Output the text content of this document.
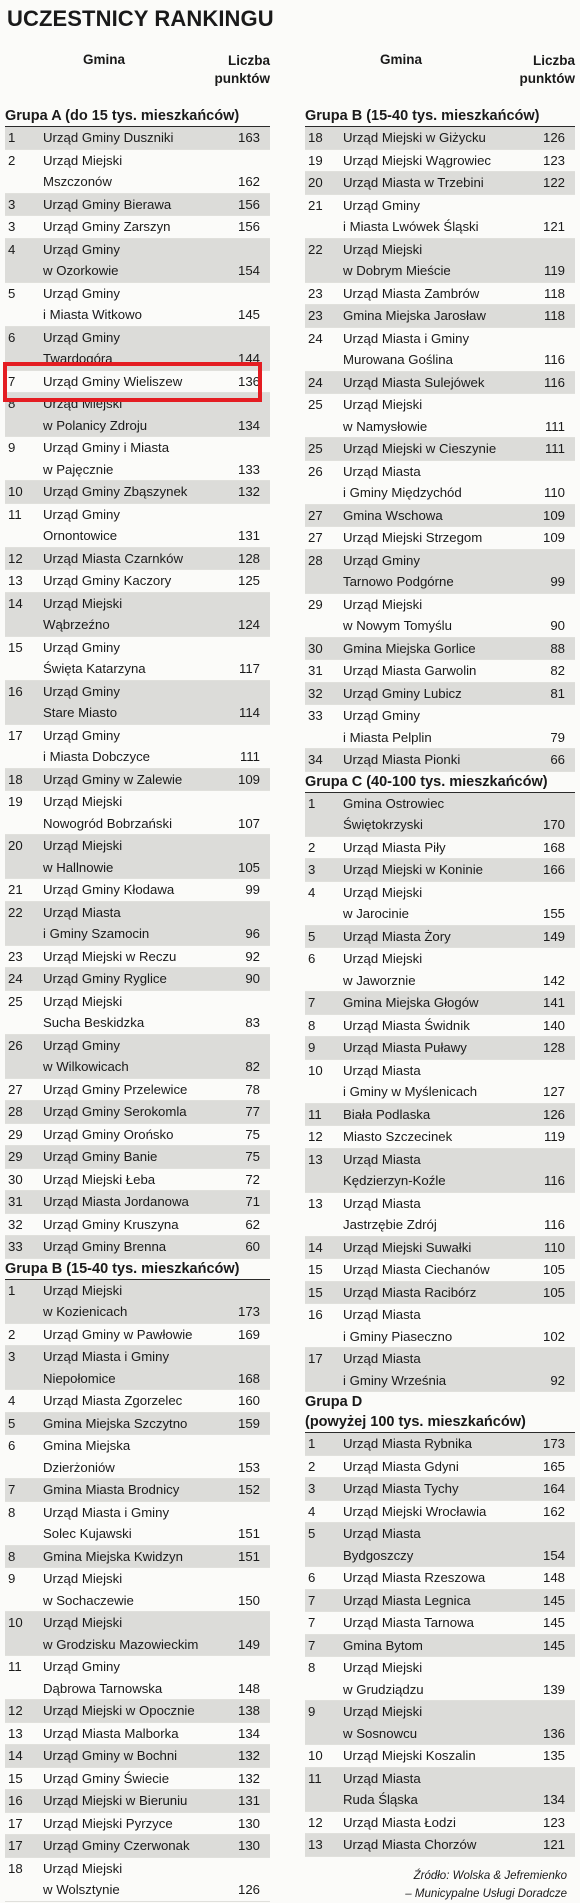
UCZESTNICY RANKINGU
Gmina	Liczba
punktów
Grupa A (do 15 tys. mieszkańców)
1 Urząd Gminy Duszniki	163
2 Urząd Miejski
Mszczonów	162
3 Urząd Gminy Bierawa	156
3 Urząd Gminy Zarszyn	156
4 Urząd Gminy
w Ozorkowie	154
5 Urząd Gminy
i Miasta Witkowo	145
6 Urząd Gminy
Twardogóra	144
7 Urząd Gminy Wieliszew	136
8 Urząd Miejski
w Polanicy Zdroju	134
9 Urząd Gminy i Miasta
w Pajęcznie	133
10 Urząd Gminy Zbąszynek	132
11 Urząd Gminy
Ornontowice	131
12 Urząd Miasta Czarnków	128
13 Urząd Gminy Kaczory	125
14 Urząd Miejski
Wąbrzeźno	124
15 Urząd Gminy
Święta Katarzyna	117
16 Urząd Gminy
Stare Miasto	114
17 Urząd Gminy
i Miasta Dobczyce	111
18 Urząd Gminy w Zalewie	109
19 Urząd Miejski
Nowogród Bobrzański	107
20 Urząd Miejski
w Hallnowie	105
21 Urząd Gminy Kłodawa	99
22 Urząd Miasta
i Gminy Szamocin	96
23 Urząd Miejski w Reczu	92
24 Urząd Gminy Ryglice	90
25 Urząd Miejski
Sucha Beskidzka	83
26 Urząd Gminy
w Wilkowicach	82
27 Urząd Gminy Przelewice	78
28 Urząd Gminy Serokomla	77
29 Urząd Gminy Orońsko	75
29 Urząd Gminy Banie	75
30 Urząd Miejski Łeba	72
31 Urząd Miasta Jordanowa	71
32 Urząd Gminy Kruszyna	62
33 Urząd Gminy Brenna	60
Grupa B (15-40 tys. mieszkańców)
1 Urząd Miejski
w Kozienicach	173
2 Urząd Gminy w Pawłowie	169
3 Urząd Miasta i Gminy
Niepołomice	168
4 Urząd Miasta Zgorzelec	160
5 Gmina Miejska Szczytno	159
6 Gmina Miejska
Dzierżoniów	153
7 Gmina Miasta Brodnicy	152
8 Urząd Miasta i Gminy
Solec Kujawski	151
8 Gmina Miejska Kwidzyn	151
9 Urząd Miejski
w Sochaczewie	150
10 Urząd Miejski
w Grodzisku Mazowieckim	149
11 Urząd Gminy
Dąbrowa Tarnowska	148
12 Urząd Miejski w Opocznie	138
13 Urząd Miasta Malborka	134
14 Urząd Gminy w Bochni	132
15 Urząd Gminy Świecie	132
16 Urząd Miejski w Bieruniu	131
17 Urząd Miejski Pyrzyce	130
17 Urząd Gminy Czerwonak	130
18 Urząd Miejski
w Wolsztynie	126
Gmina	Liczba
punktów
Grupa B (15-40 tys. mieszkańców)
18 Urząd Miejski w Giżycku	126
19 Urząd Miejski Wągrowiec	123
20 Urząd Miasta w Trzebini	122
21 Urząd Gminy
i Miasta Lwówek Śląski	121
22 Urząd Miejski
w Dobrym Mieście	119
23 Urząd Miasta Zambrów	118
23 Gmina Miejska Jarosław	118
24 Urząd Miasta i Gminy
Murowana Goślina	116
24 Urząd Miasta Sulejówek	116
25 Urząd Miejski
w Namysłowie	111
25 Urząd Miejski w Cieszynie	111
26 Urząd Miasta
i Gminy Międzychód	110
27 Gmina Wschowa	109
27 Urząd Miejski Strzegom	109
28 Urząd Gminy
Tarnowo Podgórne	99
29 Urząd Miejski
w Nowym Tomyślu	90
30 Gmina Miejska Gorlice	88
31 Urząd Miasta Garwolin	82
32 Urząd Gminy Lubicz	81
33 Urząd Gminy
i Miasta Pelplin	79
34 Urząd Miasta Pionki	66
Grupa C (40-100 tys. mieszkańców)
1 Gmina Ostrowiec
Świętokrzyski	170
2 Urząd Miasta Piły	168
3 Urząd Miejski w Koninie	166
4 Urząd Miejski
w Jarocinie	155
5 Urząd Miasta Żory	149
6 Urząd Miejski
w Jaworznie	142
7 Gmina Miejska Głogów	141
8 Urząd Miasta Świdnik	140
9 Urząd Miasta Puławy	128
10 Urząd Miasta
i Gminy w Myślenicach	127
11 Biała Podlaska	126
12 Miasto Szczecinek	119
13 Urząd Miasta
Kędzierzyn-Koźle	116
13 Urząd Miasta
Jastrzębie Zdrój	116
14 Urząd Miejski Suwałki	110
15 Urząd Miasta Ciechanów	105
15 Urząd Miasta Racibórz	105
16 Urząd Miasta
i Gminy Piaseczno	102
17 Urząd Miasta
i Gminy Września	92
Grupa D
(powyżej 100 tys. mieszkańców)
1 Urząd Miasta Rybnika	173
2 Urząd Miasta Gdyni	165
3 Urząd Miasta Tychy	164
4 Urząd Miejski Wrocławia	162
5 Urząd Miasta
Bydgoszczy	154
6 Urząd Miasta Rzeszowa	148
7 Urząd Miasta Legnica	145
7 Urząd Miasta Tarnowa	145
7 Gmina Bytom	145
8 Urząd Miejski
w Grudziądzu	139
9 Urząd Miejski
w Sosnowcu	136
10 Urząd Miejski Koszalin	135
11 Urząd Miasta
Ruda Śląska	134
12 Urząd Miasta Łodzi	123
13 Urząd Miasta Chorzów	121
Źródło: Wolska & Jefremienko
– Municypalne Usługi Doradcze
